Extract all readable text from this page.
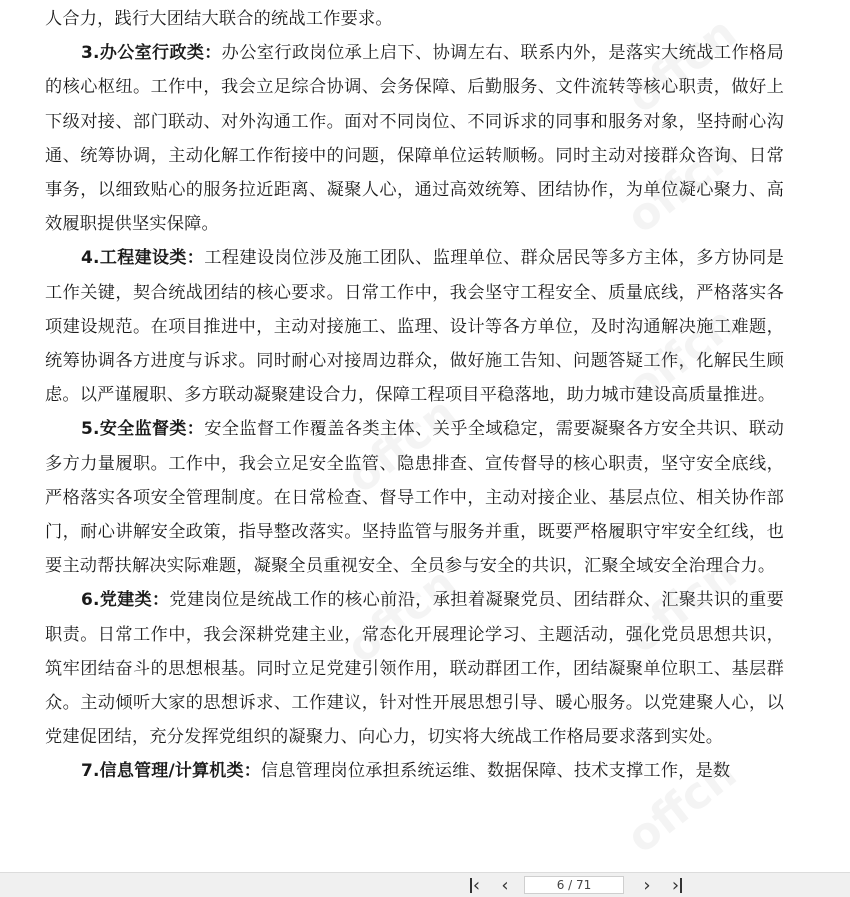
人合力，践行大团结大联合的统战工作要求。

3.办公室行政类：办公室行政岗位承上启下、协调左右、联系内外，是落实大统战工作格局的核心枢纽。工作中，我会立足综合协调、会务保障、后勤服务、文件流转等核心职责，做好上下级对接、部门联动、对外沟通工作。面对不同岗位、不同诉求的同事和服务对象，坚持耐心沟通、统筹协调，主动化解工作衔接中的问题，保障单位运转顺畅。同时主动对接群众咨询、日常事务，以细致贴心的服务拉近距离、凝聚人心，通过高效统筹、团结协作，为单位凝心聚力、高效履职提供坚实保障。

4.工程建设类：工程建设岗位涉及施工团队、监理单位、群众居民等多方主体，多方协同是工作关键，契合统战团结的核心要求。日常工作中，我会坚守工程安全、质量底线，严格落实各项建设规范。在项目推进中，主动对接施工、监理、设计等各方单位，及时沟通解决施工难题，统筹协调各方进度与诉求。同时耐心对接周边群众，做好施工告知、问题答疑工作，化解民生顾虑。以严谨履职、多方联动凝聚建设合力，保障工程项目平稳落地，助力城市建设高质量推进。

5.安全监督类：安全监督工作覆盖各类主体、关乎全域稳定，需要凝聚各方安全共识、联动多方力量履职。工作中，我会立足安全监管、隐患排查、宣传督导的核心职责，坚守安全底线，严格落实各项安全管理制度。在日常检查、督导工作中，主动对接企业、基层点位、相关协作部门，耐心讲解安全政策，指导整改落实。坚持监管与服务并重，既要严格履职守牢安全红线，也要主动帮扶解决实际难题，凝聚全员重视安全、全员参与安全的共识，汇聚全域安全治理合力。

6.党建类：党建岗位是统战工作的核心前沿，承担着凝聚党员、团结群众、汇聚共识的重要职责。日常工作中，我会深耕党建主业，常态化开展理论学习、主题活动，强化党员思想共识，筑牢团结奋斗的思想根基。同时立足党建引领作用，联动群团工作，团结凝聚单位职工、基层群众。主动倾听大家的思想诉求、工作建议，针对性开展思想引导、暖心服务。以党建聚人心，以党建促团结，充分发挥党组织的凝聚力、向心力，切实将大统战工作格局要求落到实处。

7.信息管理/计算机类：信息管理岗位承担系统运维、数据保障、技术支撑工作，是数

offcn
offcn
offcn
offcn
offcn
offcn
offcn
‹ ‹	6 / 71	› ›
